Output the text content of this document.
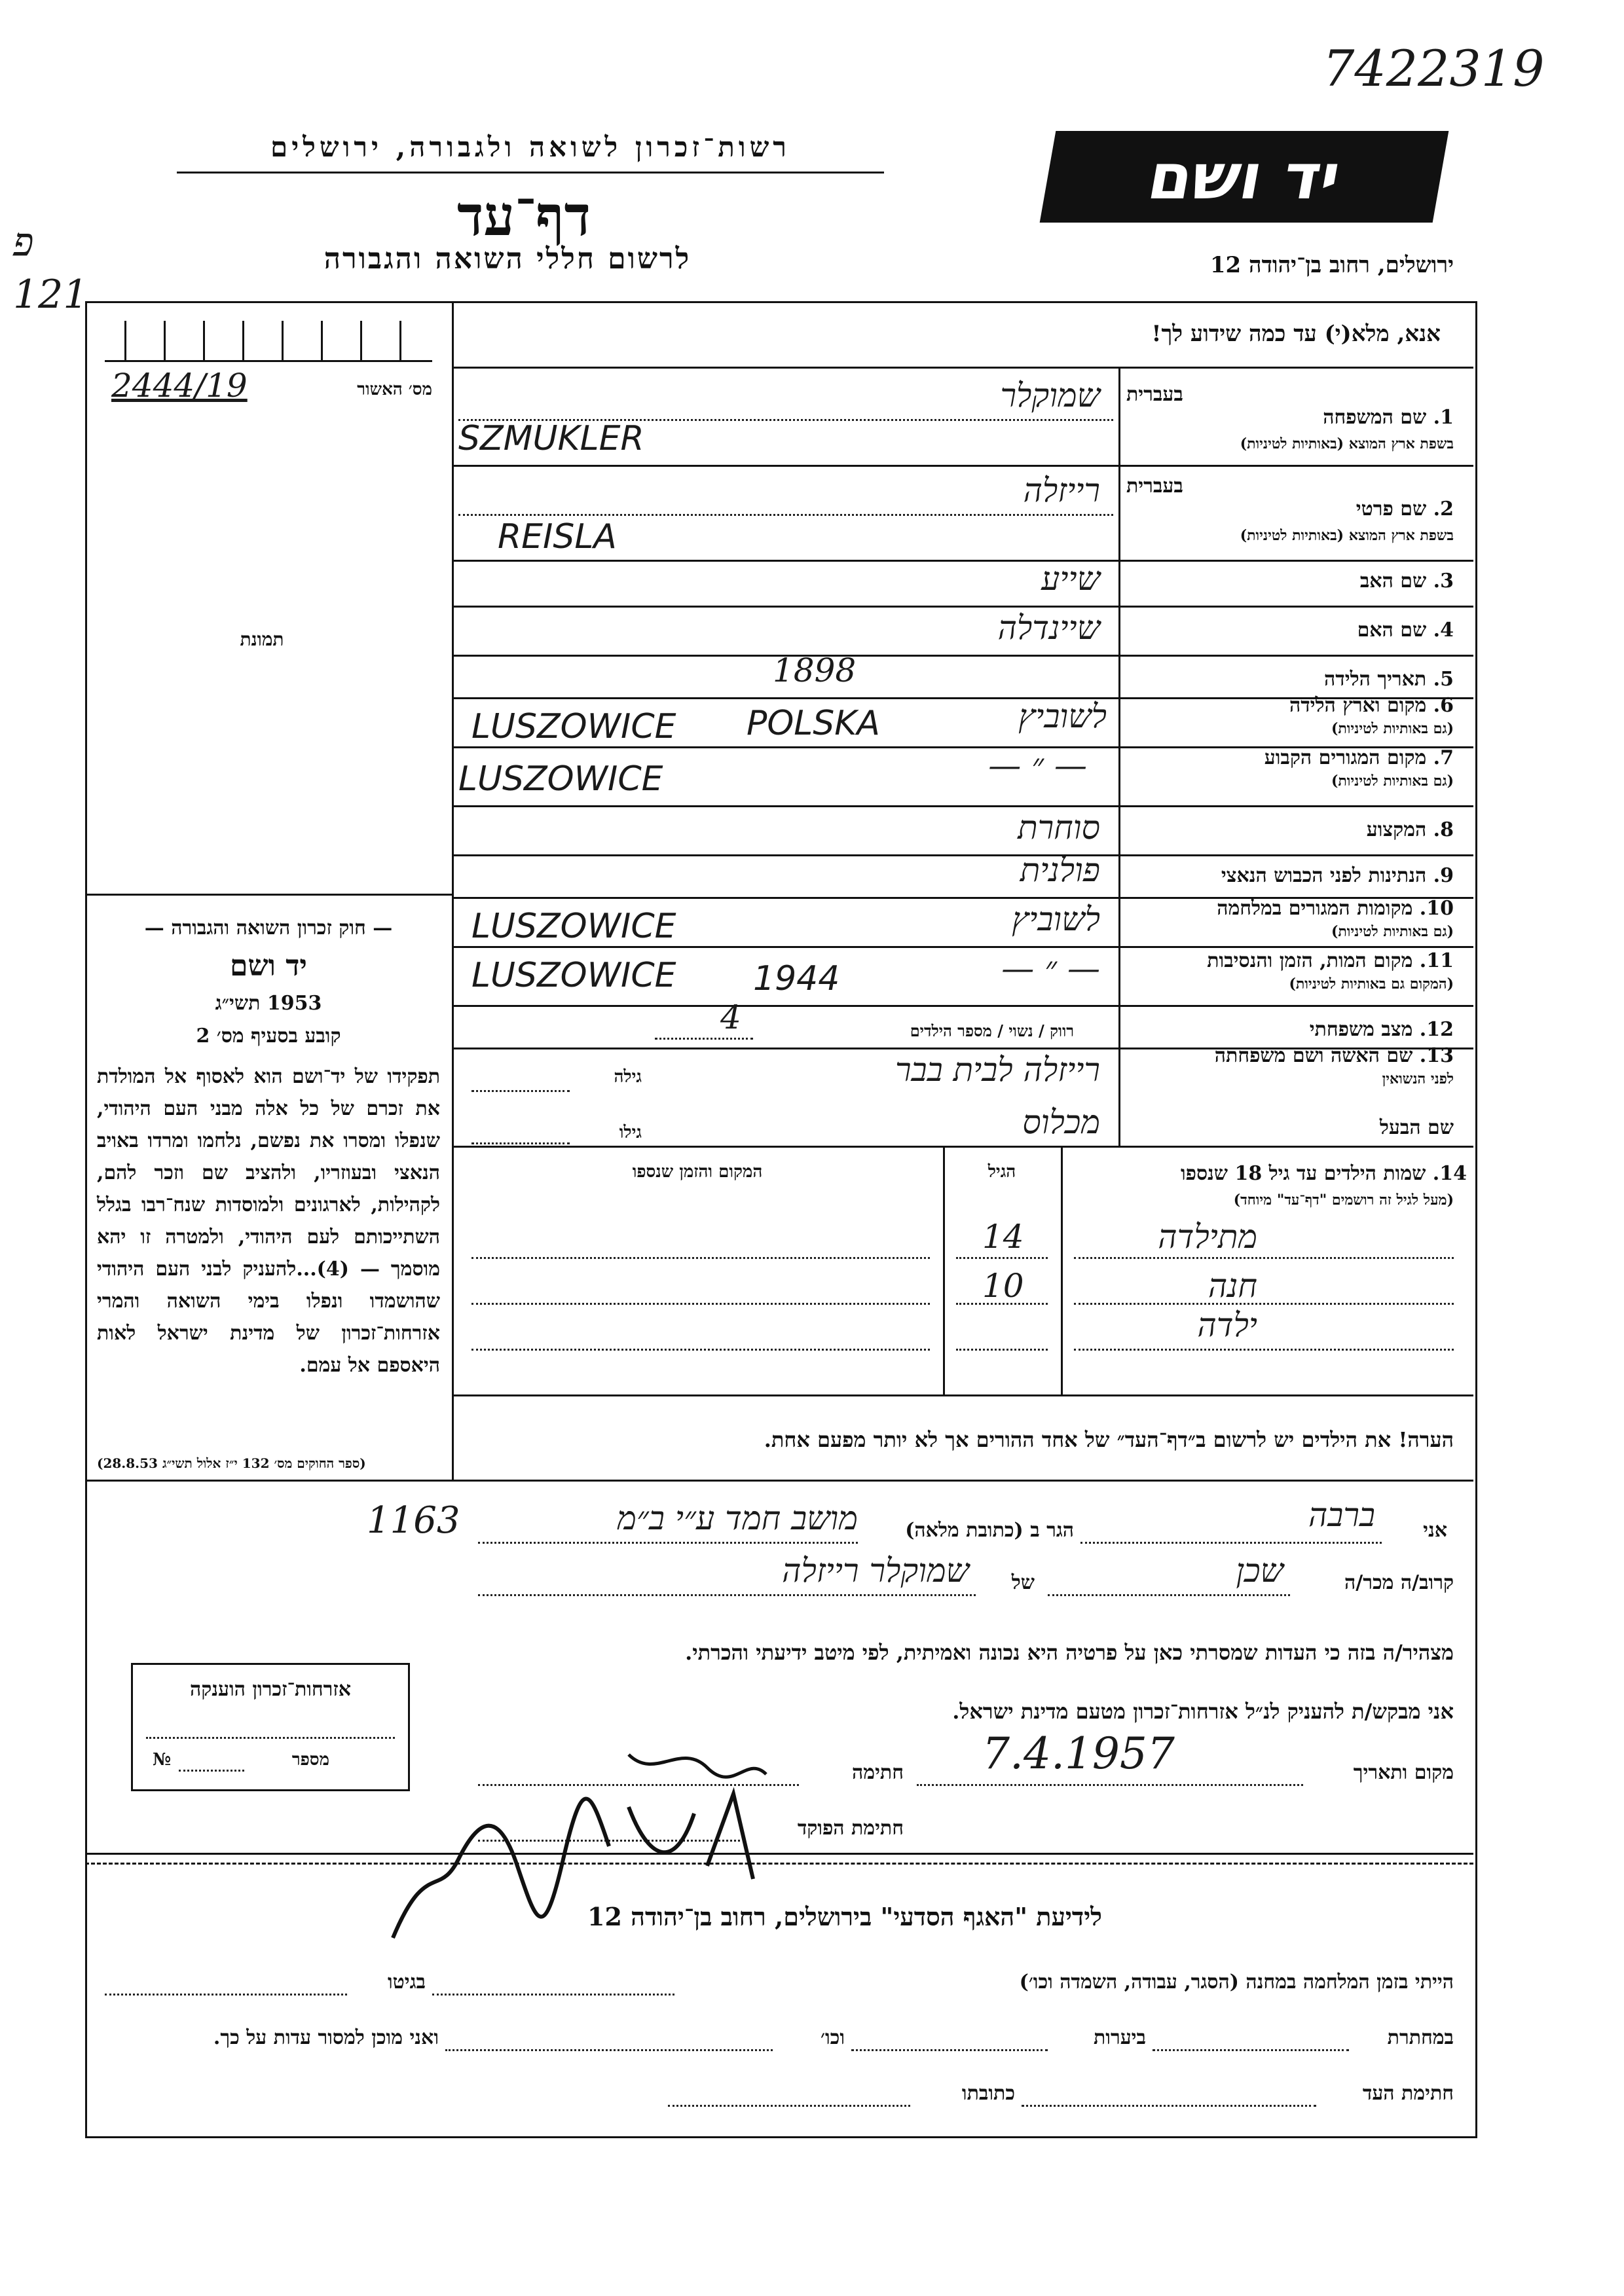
7422319
פ 121
רשות־זכרון לשואה ולגבורה, ירושלים
דף־עד
לרשום חללי השואה והגבורה
יד ושם
ירושלים, רחוב בן־יהודה 12
אנא, מלא(י) עד כמה שידוע לך!
2444/19	מס׳ האשור
תמונת
— חוק זכרון השואה והגבורה —
יד ושם
1953 תשי״ג
קובע בסעיף מס׳ 2
תפקידו של יד־ושם הוא לאסוף אל המולדת את זכרם של כל אלה מבני העם היהודי, שנפלו ומסרו את נפשם, נלחמו ומרדו באויב הנאצי ובעוזריו, ולהציב שם וזכר להם, לקהילות, לארגונים ולמוסדות שנח־רבו בגלל השתייכותם לעם היהודי, ולמטרה זו יהא מוסמך — (4)...להעניק לבני העם היהודי שהושמדו ונפלו בימי השואה והמרי אזרחות־זכרון של מדינת ישראל לאות היאספם אל עמם.
(ספר החוקים מס׳ 132 י״ז אלול תשי״ג 28.8.53)
1. שם המשפחה
בשפת ארץ המוצא (באותיות לטיניות)
בעברית
שמוקלר
SZMUKLER
2. שם פרטי
בשפת ארץ המוצא (באותיות לטיניות)
בעברית
רייזלה
REISLA
3. שם האב
שייע
4. שם האם
שיינדלה
5. תאריך הלידה
1898
6. מקום וארץ הלידה
(גם באותיות לטיניות)
לשוביץ
POLSKA
LUSZOWICE
7. מקום המגורים הקבוע
(גם באותיות לטיניות)
— ״ —
LUSZOWICE
8. המקצוע
סוחרת
9. הנתינות לפני הכבוש הנאצי
פולנית
10. מקומות המגורים במלחמה
(גם באותיות לטיניות)
לשוביץ
LUSZOWICE
11. מקום המות, הזמן והנסיבות
(המקום גם באותיות לטיניות)
— ״ —
1944
LUSZOWICE
12. מצב משפחתי
רווק / נשוי / מספר הילדים
4
13. שם האשה ושם משפחתה
לפני הנשואין
רייזלה לבית בבר
גילה
שם הבעל
מכלוס
גילו
14. שמות הילדים עד גיל 18 שנספו
(מעל לגיל זה רושמים "דף־עד" מיוחד)
הגיל
המקום והזמן שנספו
מתילדה
14
חנה
10
ילדה
הערה! את הילדים יש לרשום ב״דף־העד״ של אחד ההורים אך לא יותר מפעם אחת.
אני
ברבה
הגר ב (כתובת מלאה)
מושב חמד ע״י ב״מ
1163
קרוב/ה מכר/ה
שכן
של
שמוקלר רייזלה
מצהיר/ה בזה כי העדות שמסרתי כאן על פרטיה היא נכונה ואמיתית, לפי מיטב ידיעתי והכרתי.
אני מבקש/ת להעניק לנ״ל אזרחות־זכרון מטעם מדינת ישראל.
מקום ותאריך
7.4.1957
חתימה
חתימת הפוקד
אזרחות־זכרון הוענקה
№	מספר
לידיעת "האגף הסדעי" בירושלים, רחוב בן־יהודה 12
הייתי בזמן המלחמה במחנה (הסגר, עבודה, השמדה וכו׳)
בגיטו
במחתרת
ביערות
וכו׳
ואני מוכן למסור עדות על כך.
חתימת העד
כתובתו
